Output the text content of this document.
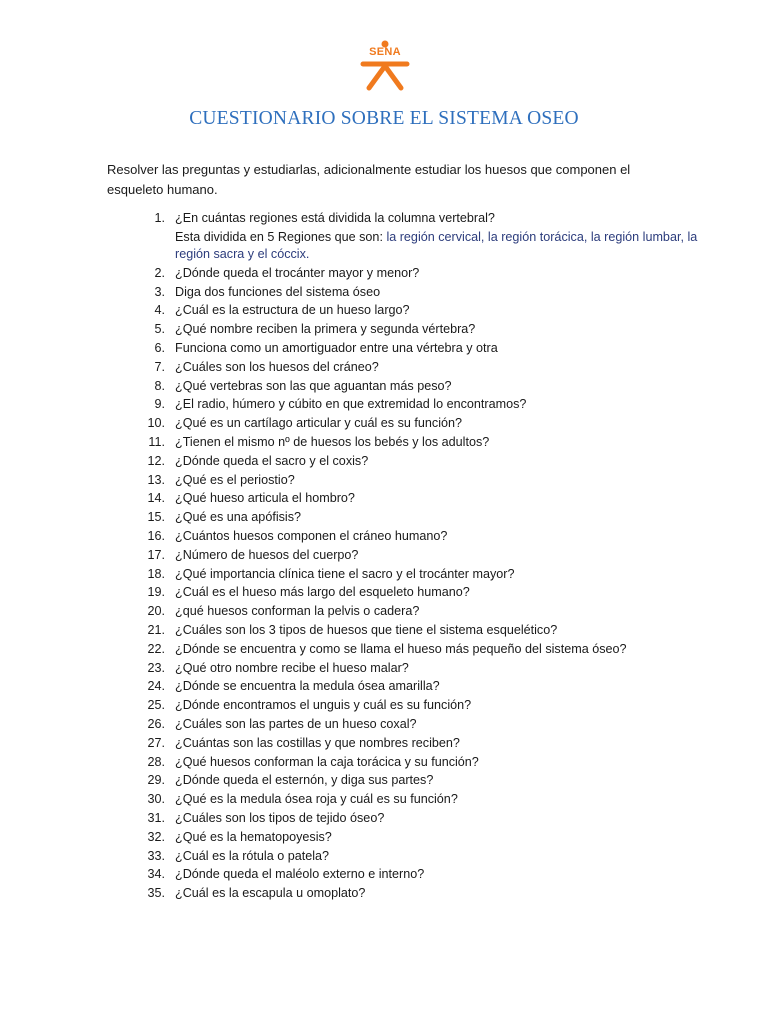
SENA
CUESTIONARIO SOBRE EL SISTEMA OSEO

Resolver las preguntas y estudiarlas, adicionalmente estudiar los huesos que componen el esqueleto humano.

1. ¿En cuántas regiones está dividida la columna vertebral?
Esta dividida en 5 Regiones que son: la región cervical, la región torácica, la región lumbar, la región sacra y el cóccix.
2. ¿Dónde queda el trocánter mayor y menor?
3. Diga dos funciones del sistema óseo
4. ¿Cuál es la estructura de un hueso largo?
5. ¿Qué nombre reciben la primera y segunda vértebra?
6. Funciona como un amortiguador entre una vértebra y otra
7. ¿Cuáles son los huesos del cráneo?
8. ¿Qué vertebras son las que aguantan más peso?
9. ¿El radio, húmero y cúbito en que extremidad lo encontramos?
10. ¿Qué es un cartílago articular y cuál es su función?
11. ¿Tienen el mismo nº de huesos los bebés y los adultos?
12. ¿Dónde queda el sacro y el coxis?
13. ¿Qué es el periostio?
14. ¿Qué hueso articula el hombro?
15. ¿Qué es una apófisis?
16. ¿Cuántos huesos componen el cráneo humano?
17. ¿Número de huesos del cuerpo?
18. ¿Qué importancia clínica tiene el sacro y el trocánter mayor?
19. ¿Cuál es el hueso más largo del esqueleto humano?
20. ¿qué huesos conforman la pelvis o cadera?
21. ¿Cuáles son los 3 tipos de huesos que tiene el sistema esquelético?
22. ¿Dónde se encuentra y como se llama el hueso más pequeño del sistema óseo?
23. ¿Qué otro nombre recibe el hueso malar?
24. ¿Dónde se encuentra la medula ósea amarilla?
25. ¿Dónde encontramos el unguis y cuál es su función?
26. ¿Cuáles son las partes de un hueso coxal?
27. ¿Cuántas son las costillas y que nombres reciben?
28. ¿Qué huesos conforman la caja torácica y su función?
29. ¿Dónde queda el esternón, y diga sus partes?
30. ¿Qué es la medula ósea roja y cuál es su función?
31. ¿Cuáles son los tipos de tejido óseo?
32. ¿Qué es la hematopoyesis?
33. ¿Cuál es la rótula o patela?
34. ¿Dónde queda el maléolo externo e interno?
35. ¿Cuál es la escapula u omoplato?
